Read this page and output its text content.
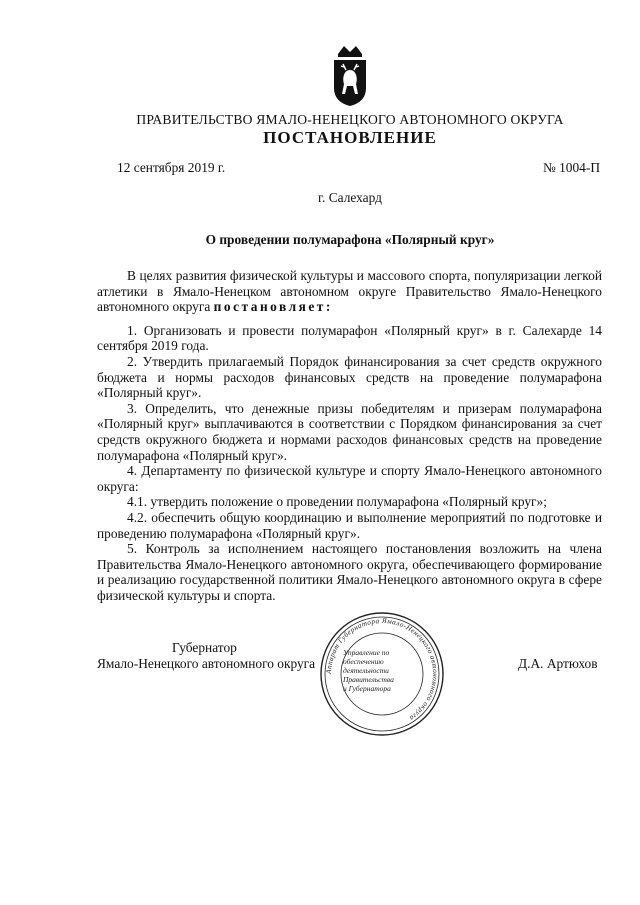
ПРАВИТЕЛЬСТВО ЯМАЛО-НЕНЕЦКОГО АВТОНОМНОГО ОКРУГА
ПОСТАНОВЛЕНИЕ
12 сентября 2019 г.	№ 1004-П
г. Салехард
О проведении полумарафона «Полярный круг»

В целях развития физической культуры и массового спорта, популяризации легкой атлетики в Ямало-Ненецком автономном округе Правительство Ямало-Ненецкого автономного округа постановляет:

1. Организовать и провести полумарафон «Полярный круг» в г. Салехарде 14 сентября 2019 года.

2. Утвердить прилагаемый Порядок финансирования за счет средств окружного бюджета и нормы расходов финансовых средств на проведение полумарафона «Полярный круг».

3. Определить, что денежные призы победителям и призерам полумарафона «Полярный круг» выплачиваются в соответствии с Порядком финансирования за счет средств окружного бюджета и нормами расходов финансовых средств на проведение полумарафона «Полярный круг».

4. Департаменту по физической культуре и спорту Ямало-Ненецкого автономного округа:

4.1. утвердить положение о проведении полумарафона «Полярный круг»;

4.2. обеспечить общую координацию и выполнение мероприятий по подготовке и проведению полумарафона «Полярный круг».

5. Контроль за исполнением настоящего постановления возложить на члена Правительства Ямало-Ненецкого автономного округа, обеспечивающего формирование и реализацию государственной политики Ямало-Ненецкого автономного округа в сфере физической культуры и спорта.

Аппарат Губернатора Ямало-Ненецкого автономного округа
Управление по
обеспечению
деятельности
Правительства
и Губернатора
Губернатор
Ямало-Ненецкого автономного округа	Д.А. Артюхов
